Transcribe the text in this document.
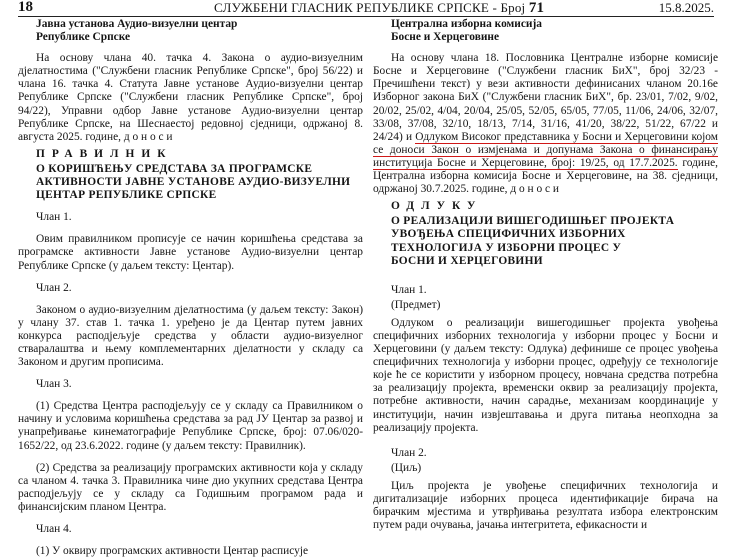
18	СЛУЖБЕНИ ГЛАСНИК РЕПУБЛИКЕ СРПСКЕ - Број 71	15.8.2025.

Јавна установа Аудио-визуелни центар

Републике Српске

На основу члана 40. тачка 4. Закона о аудио-визуелним дјелатностима ("Службени гласник Републике Српске", број 56/22) и члана 16. тачка 4. Статута Јавне установе Аудио-визуелни центар Републике Српске ("Службени гласник Републике Српске", број 94/22), Управни одбор Јавне установе Аудио-визуелни центар Републике Српске, на Шеснаестој редовној сједници, одржаној 8. августа 2025. године, д о н о с и

ПРАВИЛНИК

О КОРИШЋЕЊУ СРЕДСТАВА ЗА ПРОГРАМСКЕ

АКТИВНОСТИ ЈАВНЕ УСТАНОВЕ АУДИО-ВИЗУЕЛНИ

ЦЕНТАР РЕПУБЛИКЕ СРПСКЕ

Члан 1.

Овим правилником прописује се начин коришћења средстава за програмске активности Јавне установе Аудио-визуелни центар Републике Српске (у даљем тексту: Центар).

Члан 2.

Законом о аудио-визуелним дјелатностима (у даљем тексту: Закон) у члану 37. став 1. тачка 1. уређено је да Центар путем јавних конкурса расподјељује средства у области аудио-визуелног стваралаштва и њему комплементарних дјелатности у складу са Законом и другим прописима.

Члан 3.

(1) Средства Центра расподјељују се у складу са Правилником о начину и условима коришћења средстава за рад ЈУ Центар за развој и унапређивање кинематографије Републике Српске, број: 07.06/020-1652/22, од 23.6.2022. године (у даљем тексту: Правилник).

(2) Средства за реализацију програмских активности која у складу са чланом 4. тачка 3. Правилника чине дио укупних средстава Центра расподјељују се у складу са Годишњим програмом рада и финансијским планом Центра.

Члан 4.

(1) У оквиру програмских активности Центар расписује

Централна изборна комисија

Босне и Херцеговине

На основу члана 18. Пословника Централне изборне комисије Босне и Херцеговине ("Службени гласник БиХ", број 32/23 - Пречишћени текст) у вези активности дефинисаних чланом 20.16е Изборног закона БиХ ("Службени гласник БиХ", бр. 23/01, 7/02, 9/02, 20/02, 25/02, 4/04, 20/04, 25/05, 52/05, 65/05, 77/05, 11/06, 24/06, 32/07, 33/08, 37/08, 32/10, 18/13, 7/14, 31/16, 41/20, 38/22, 51/22, 67/22 и 24/24) и Одлуком Високог представника у Босни и Херцеговини којом се доноси Закон о измјенама и допунама Закона о финансирању институција Босне и Херцеговине, број: 19/25, од 17.7.2025. године, Централна изборна комисија Босне и Херцеговине, на 38. сједници, одржаној 30.7.2025. године, д о н о с и

ОДЛУКУ

О РЕАЛИЗАЦИЈИ ВИШЕГОДИШЊЕГ ПРОЈЕКТА

УВОЂЕЊА СПЕЦИФИЧНИХ ИЗБОРНИХ

ТЕХНОЛОГИЈА У ИЗБОРНИ ПРОЦЕС У

БОСНИ И ХЕРЦЕГОВИНИ

Члан 1.

(Предмет)

Одлуком о реализацији вишегодишњег пројекта увођења специфичних изборних технологија у изборни процес у Босни и Херцеговини (у даљем тексту: Одлука) дефинише се процес увођења специфичних технологија у изборни процес, одређују се технологије које ће се користити у изборном процесу, новчана средства потребна за реализацију пројекта, временски оквир за реализацију пројекта, потребне активности, начин сарадње, механизам координације у институцији, начин извјештавања и друга питања неопходна за реализацију пројекта.

Члан 2.

(Циљ)

Циљ пројекта је увођење специфичних технологија и дигитализације изборних процеса идентификације бирача на бирачким мјестима и утврђивања резултата избора електронским путем ради очувања, јачања интегритета, ефикасности и
